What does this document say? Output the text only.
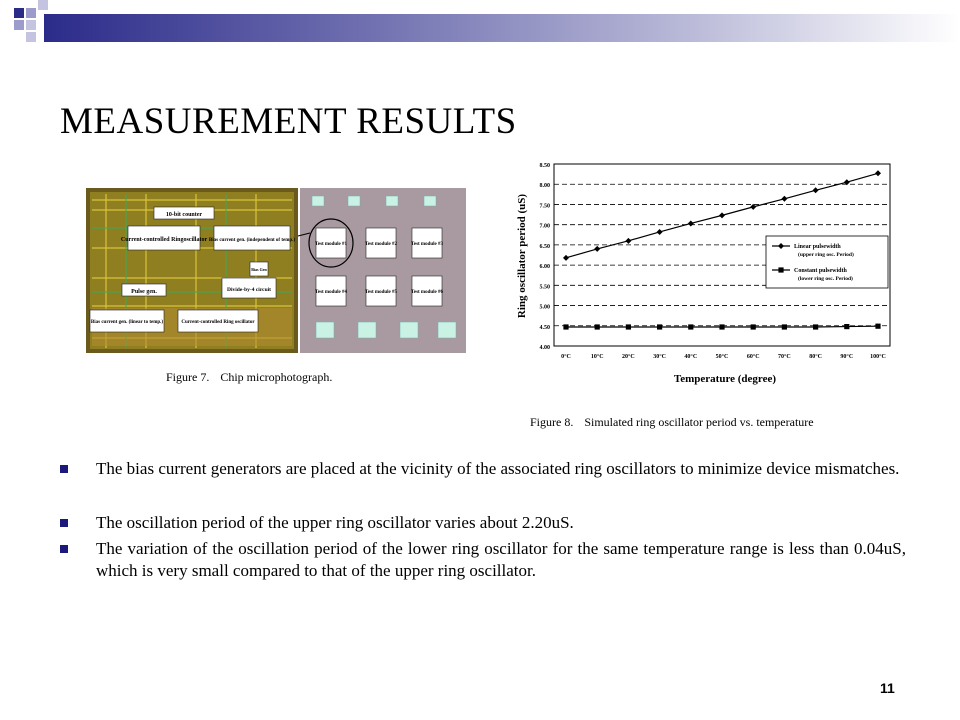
MEASUREMENT RESULTS
10-bit counter
Current-controlled Ringoscillator Bias current gen. (independent of temp.)
Pulse gen.	Divide-by-4 circuit
Bias Gen
Bias current gen. (linear to temp.)	Current-controlled Ring oscillator
Test module #1	Test module #2	Test module #3
Test module #4	Test module #5	Test module #6
Figure 7. Chip microphotograph.
4.00
4.50
5.00
5.50
6.00
6.50
7.00
7.50
8.00
8.50
0°C	10°C	20°C	30°C	40°C	50°C	60°C	70°C	80°C	90°C	100°C
Ring oscillator period (uS)
Temperature (degree)
Linear pulsewidth
(upper ring osc. Period)
Constant pulsewidth
(lower ring osc. Period)
Figure 8. Simulated ring oscillator period vs. temperature
The bias current generators are placed at the vicinity of the associated ring oscillators to minimize device mismatches.
The oscillation period of the upper ring oscillator varies about 2.20uS.
The variation of the oscillation period of the lower ring oscillator for the same temperature range is less than 0.04uS, which is very small compared to that of the upper ring oscillator.
11
